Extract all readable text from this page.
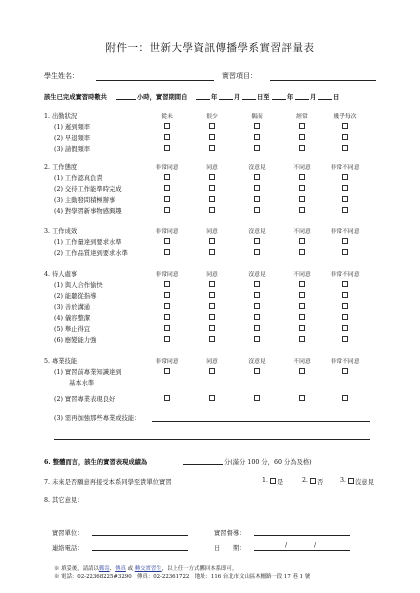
附件一：世新大學資訊傳播學系實習評量表
學生姓名：	實習項目：
該生已完成實習時數共	小時，實習期間自	年	月	日至	年	月	日
1. 出勤狀況	從未	很少	偶而	經常	幾乎每次
(1) 遲到頻率
(2) 早退頻率
(3) 請假頻率
2. 工作態度	非常同意	同意	沒意見	不同意	非常不同意
(1) 工作認真負責
(2) 交待工作能準時完成
(3) 主動發問積極辦事
(4) 對學習新事物感興趣
3. 工作成效	非常同意	同意	沒意見	不同意	非常不同意
(1) 工作量達到要求水準
(2) 工作品質達到要求水準
4. 待人處事	非常同意	同意	沒意見	不同意	非常不同意
(1) 與人合作愉快
(2) 能聽從指導
(3) 善於溝通
(4) 儀容整潔
(5) 舉止得宜
(6) 應變能力強
5. 專業技能	非常同意	同意	沒意見	不同意	非常不同意
(1) 實習前專業知識達到
基本水準
(2) 實習專業表現良好
(3) 需再加強那些專業或技能：
6. 整體而言，該生的實習表現成績為	分(滿分 100 分，60 分為及格)
7. 未來是否願意再接受本系同學至貴單位實習	1. 是	2. 否	3. 沒意見
8. 其它意見：
實習單位：	實習督導：
連絡電話：	日　　期：	/	/
※ 填妥後，請請以郵寄、傳真 或 轉交實習生，以上任一方式擲回本系即可。
※ 電話：02-22368225#3290　傳真：02-22361722　地址：116 台北市文山區木柵路一段 17 巷 1 號
